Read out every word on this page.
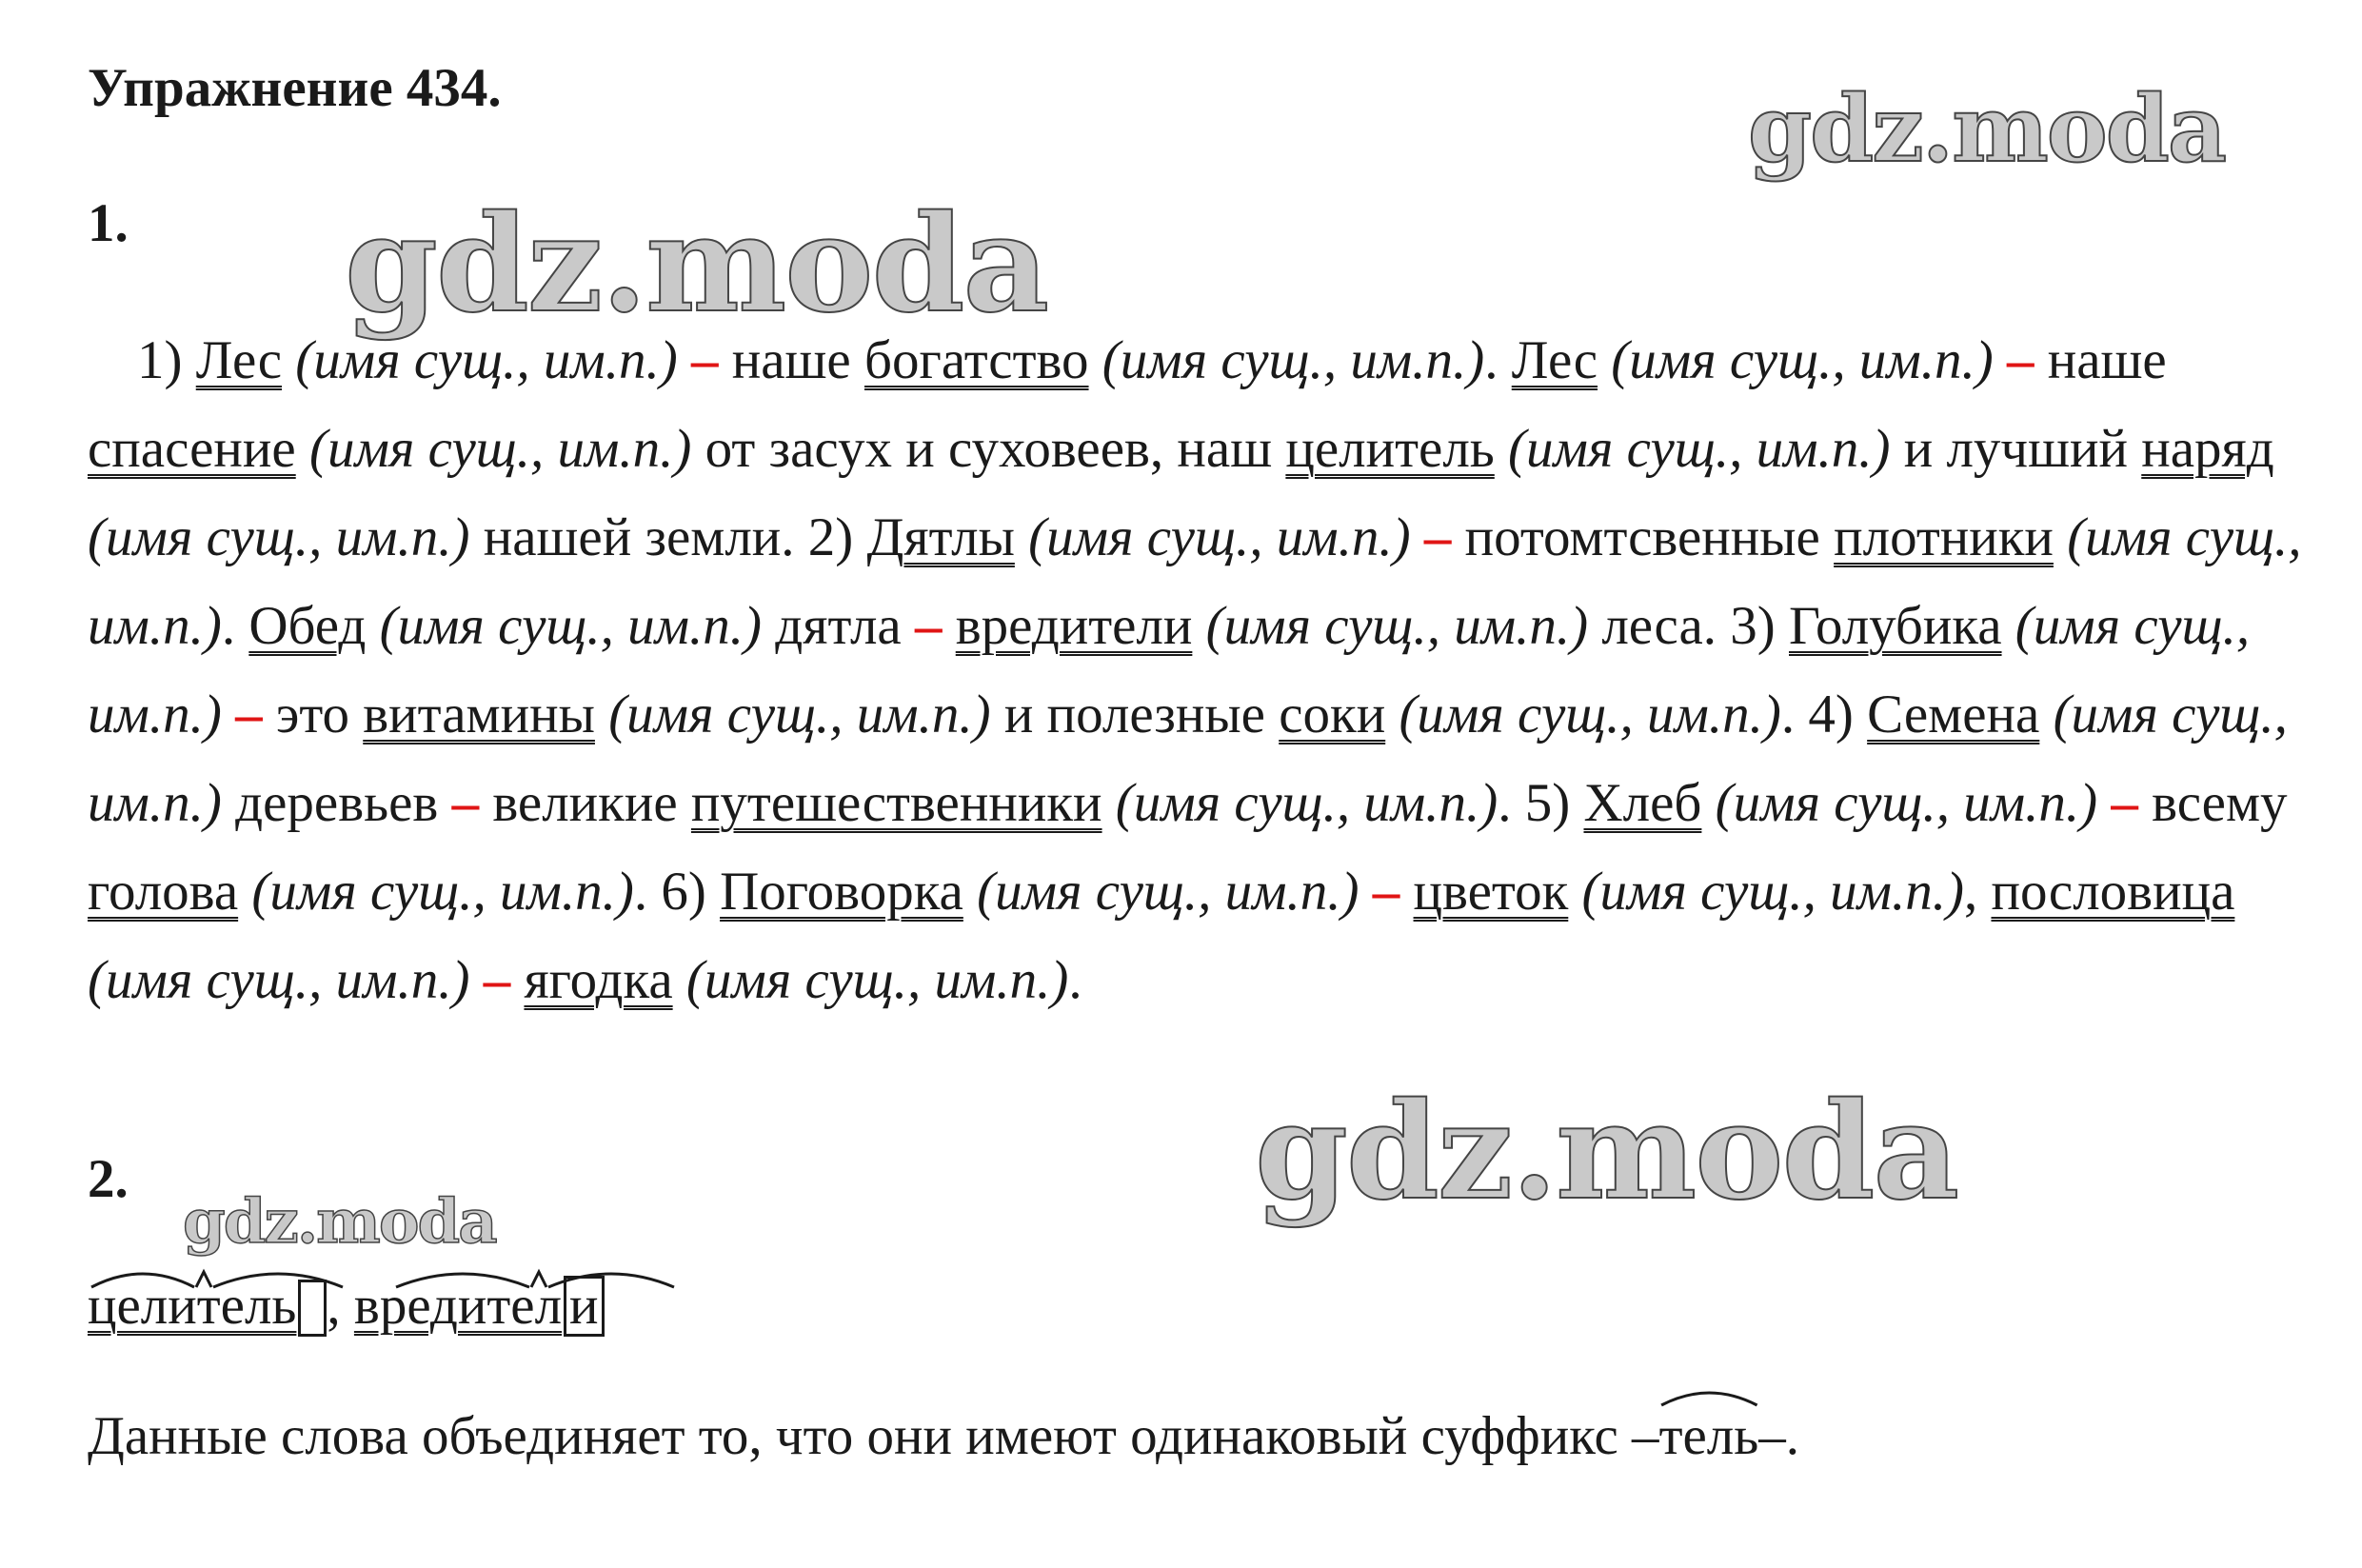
Упражнение 434.
1.

1) Лес (имя сущ., им.п.) – наше богатство (имя сущ., им.п.). Лес (имя сущ., им.п.) – наше спасение (имя сущ., им.п.) от засух и суховеев, наш целитель (имя сущ., им.п.) и лучший наряд (имя сущ., им.п.) нашей земли. 2) Дятлы (имя сущ., им.п.) – потомтсвенные плотники (имя сущ., им.п.). Обед (имя сущ., им.п.) дятла – вредители (имя сущ., им.п.) леса. 3) Голубика (имя сущ., им.п.) – это витамины (имя сущ., им.п.) и полезные соки (имя сущ., им.п.). 4) Семена (имя сущ., им.п.) деревьев – великие путешественники (имя сущ., им.п.). 5) Хлеб (имя сущ., им.п.) – всему голова (имя сущ., им.п.). 6) Поговорка (имя сущ., им.п.) – цветок (имя сущ., им.п.), пословица (имя сущ., им.п.) – ягодка (имя сущ., им.п.).

2.
целитель , вредител и
Данные слова объединяет то, что они имеют одинаковый суффикс –
тель–.
gdz.moda
gdz.moda
gdz.moda
gdz.moda
